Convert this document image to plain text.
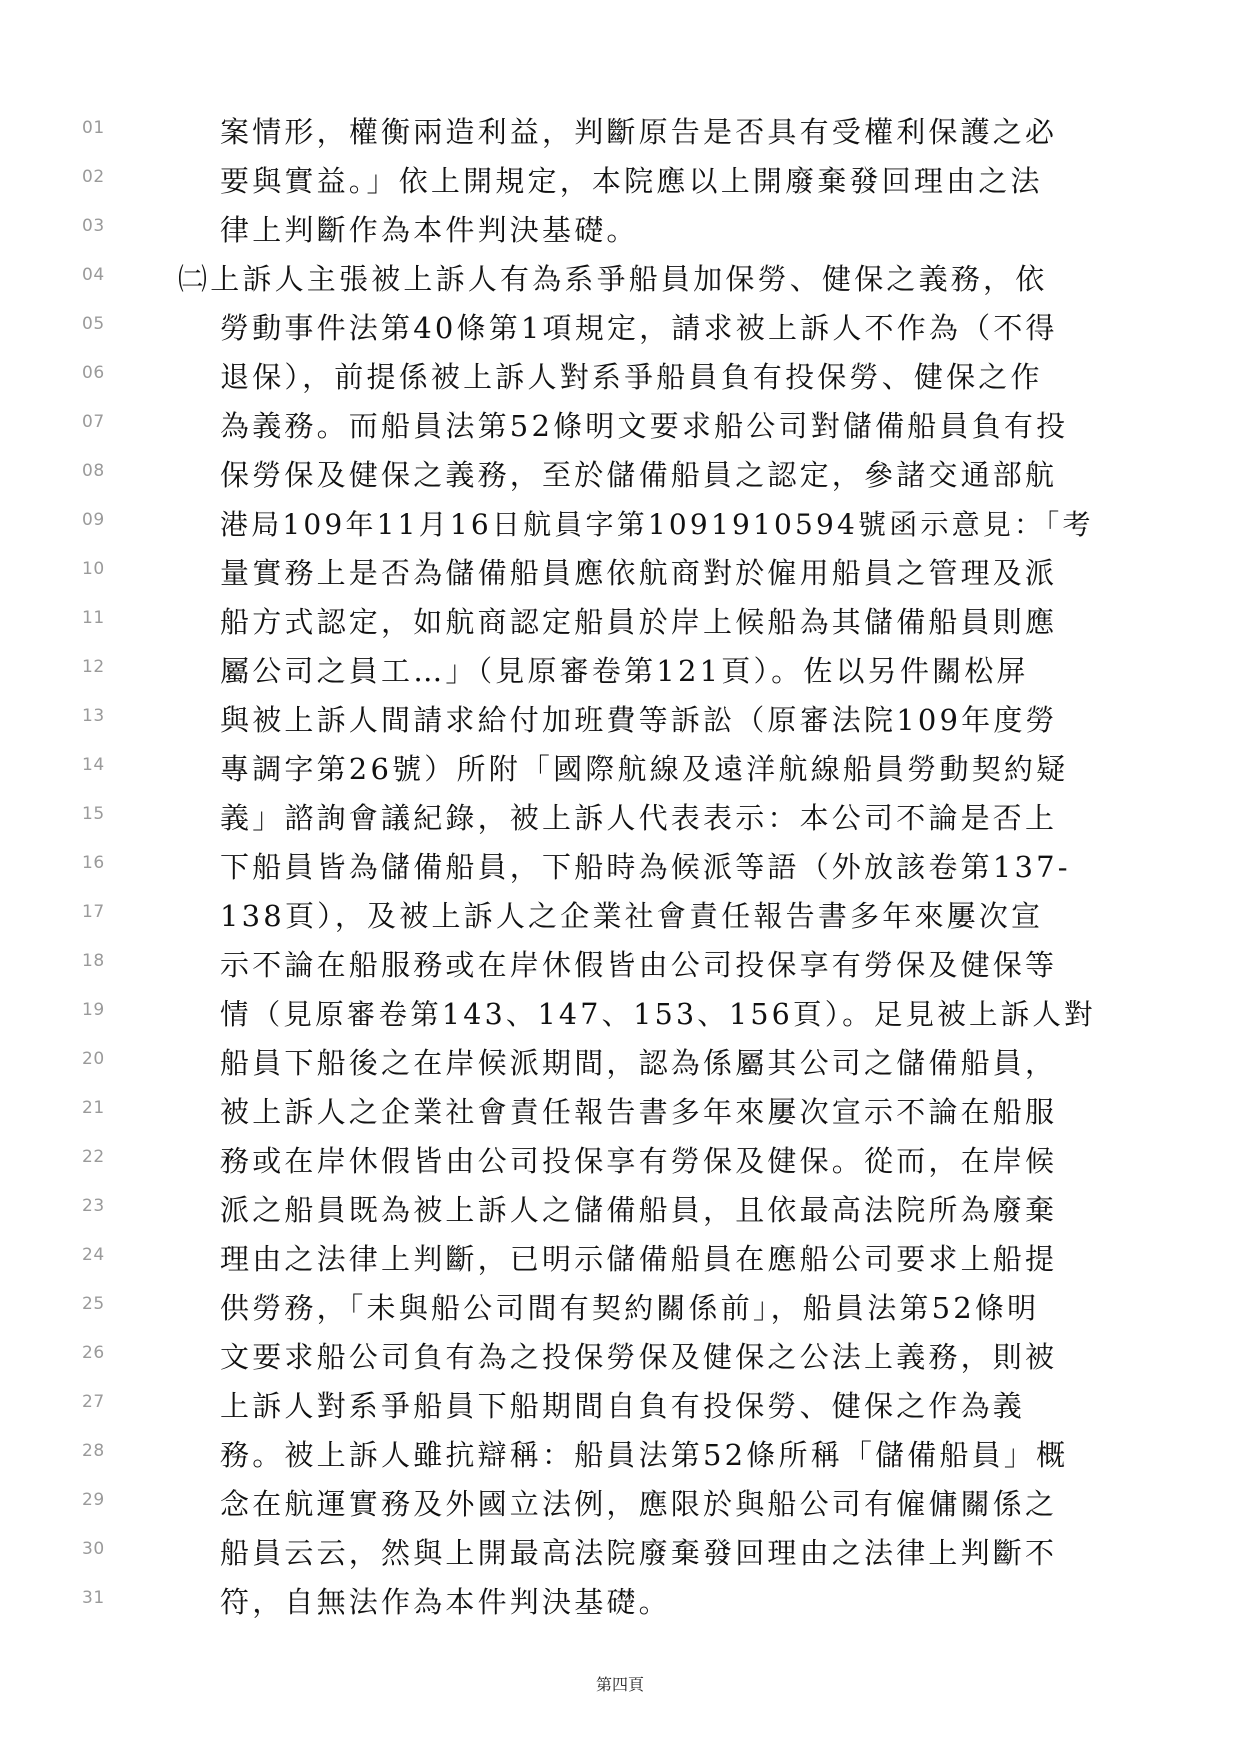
01	案情形，權衡兩造利益，判斷原告是否具有受權利保護之必
02	要與實益。」依上開規定，本院應以上開廢棄發回理由之法
03	律上判斷作為本件判決基礎。
04	㈡上訴人主張被上訴人有為系爭船員加保勞、健保之義務，依
05	勞動事件法第40條第1項規定，請求被上訴人不作為（不得
06	退保），前提係被上訴人對系爭船員負有投保勞、健保之作
07	為義務。而船員法第52條明文要求船公司對儲備船員負有投
08	保勞保及健保之義務，至於儲備船員之認定，參諸交通部航
09	港局109年11月16日航員字第1091910594號函示意見：「考
10	量實務上是否為儲備船員應依航商對於僱用船員之管理及派
11	船方式認定，如航商認定船員於岸上候船為其儲備船員則應
12	屬公司之員工…」（見原審卷第121頁）。佐以另件關松屏
13	與被上訴人間請求給付加班費等訴訟（原審法院109年度勞
14	專調字第26號）所附「國際航線及遠洋航線船員勞動契約疑
15	義」諮詢會議紀錄，被上訴人代表表示：本公司不論是否上
16	下船員皆為儲備船員，下船時為候派等語（外放該卷第137-
17	138頁），及被上訴人之企業社會責任報告書多年來屢次宣
18	示不論在船服務或在岸休假皆由公司投保享有勞保及健保等
19	情（見原審卷第143、147、153、156頁）。足見被上訴人對
20	船員下船後之在岸候派期間，認為係屬其公司之儲備船員，
21	被上訴人之企業社會責任報告書多年來屢次宣示不論在船服
22	務或在岸休假皆由公司投保享有勞保及健保。從而，在岸候
23	派之船員既為被上訴人之儲備船員，且依最高法院所為廢棄
24	理由之法律上判斷，已明示儲備船員在應船公司要求上船提
25	供勞務，「未與船公司間有契約關係前」，船員法第52條明
26	文要求船公司負有為之投保勞保及健保之公法上義務，則被
27	上訴人對系爭船員下船期間自負有投保勞、健保之作為義
28	務。被上訴人雖抗辯稱：船員法第52條所稱「儲備船員」概
29	念在航運實務及外國立法例，應限於與船公司有僱傭關係之
30	船員云云，然與上開最高法院廢棄發回理由之法律上判斷不
31	符，自無法作為本件判決基礎。
第四頁
